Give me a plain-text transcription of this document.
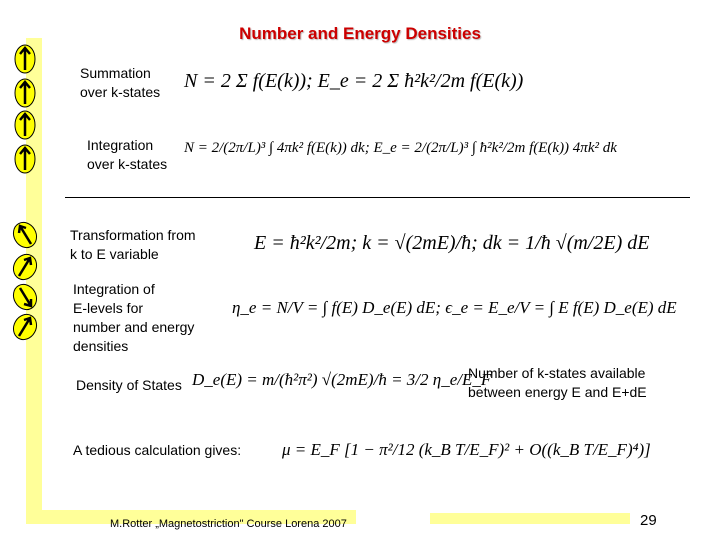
Number and Energy Densities
Summation
over k-states
Integration
over k-states
Transformation from
k to E variable
Integration of
E-levels for
number and energy
densities
Density of States
Number of k-states available
between energy E and E+dE
A tedious calculation gives:
N = 2 Σ f(E(k)); E_e = 2 Σ ħ²k²/2m f(E(k))
N = 2/(2π/L)³ ∫ 4πk² f(E(k)) dk; E_e = 2/(2π/L)³ ∫ ħ²k²/2m f(E(k)) 4πk² dk
E = ħ²k²/2m; k = √(2mE)/ħ; dk = 1/ħ √(m/2E) dE
η_e = N/V = ∫ f(E) D_e(E) dE; ϵ_e = E_e/V = ∫ E f(E) D_e(E) dE
D_e(E) = m/(ħ²π²) √(2mE)/ħ = 3/2 η_e/E_F
μ = E_F [1 − π²/12 (k_B T/E_F)² + O((k_B T/E_F)⁴)]
M.Rotter „Magnetostriction" Course Lorena 2007	29
